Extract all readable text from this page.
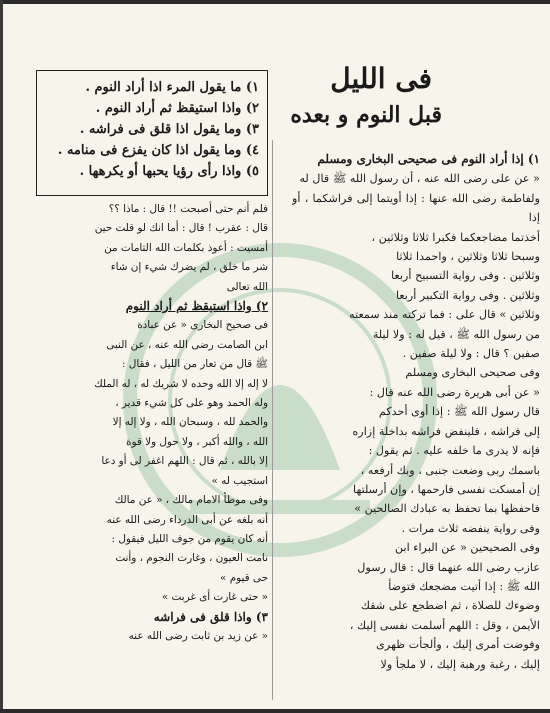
فى الليل
قبل النوم و بعده
۱) ما يقول المرء اذا أراد النوم .
۲) واذا استيقظ ثم أراد النوم .
۳) وما يقول اذا قلق فى فراشه .
٤) وما يقول اذا كان يفزع فى منامه .
٥) واذا رأى رؤيا يحبها أو يكرهها .

۱) إذا أراد النوم فى صحيحى البخارى ومسلم

« عن على رضى الله عنه ، أن رسول الله ﷺ قال له

ولفاطمة رضى الله عنها : إذا أويتما إلى فراشكما ، أو إذا

أخذتما مضاجعكما فكبرا ثلاثا وثلاثين ،

وسبحا ثلاثا وثلاثين ، واحمدا ثلاثا

وثلاثين . وفى رواية التسبيح أربعا

وثلاثين . وفى رواية التكبير أربعا

وثلاثين » قال على : فما تركته منذ سمعته

من رسول الله ﷺ ، قيل له : ولا ليلة

صفين ؟ قال : ولا ليلة صفين .

وفى صحيحى البخارى ومسلم

« عن أبى هريرة رضى الله عنه قال :

قال رسول الله ﷺ : إذا أوى أحدكم

إلى فراشه ، فلينفض فراشه بداخلة إزاره

فإنه لا يدرى ما خلفه عليه . ثم يقول :

باسمك ربى وضعت جنبى ، وبك أرفعه ،

إن أمسكت نفسى فارحمها ، وإن أرسلتها

فاحفظها بما تحفظ به عبادك الصالحين »

وفى رواية ينفضه ثلاث مرات .

وفى الصحيحين « عن البراء ابن

عازب رضى الله عنهما قال : قال رسول

الله ﷺ : إذا أتيت مضجعك فتوضأ

وضوءك للصلاة ، ثم اضطجع على شقك

الأيمن ، وقل : اللهم أسلمت نفسى إليك ،

وفوضت أمرى إليك ، وألجأت ظهرى

إليك ، رغبة ورهبة إليك ، لا ملجأ ولا

فلم أنم حتى أصبحت !! قال : ماذا ؟؟

قال : عقرب ! قال : أما انك لو قلت حين

أمسيت : أعوذ بكلمات الله التامات من

شر ما خلق ، لم يضرك شيء إن شاء

الله تعالى

۲) واذا استيقظ ثم أراد النوم

فى صحيح البخارى « عن عبادة

ابن الصامت رضى الله عنه ، عن النبى

ﷺ قال من تعار من الليل ، فقال :

لا إله إلا الله وحده لا شريك له ، له الملك

وله الحمد وهو على كل شيء قدير ،

والحمد لله ، وسبحان الله ، ولا إله إلا

الله ، والله أكبر ، ولا حول ولا قوة

إلا بالله ، ثم قال : اللهم اغفر لى أو دعا

استجيب له »

وفى موطأ الامام مالك ، « عن مالك

أنه بلغه عن أبى الدرداء رضى الله عنه

أنه كان يقوم من جوف الليل فيقول :

نامت العيون ، وغارت النجوم ، وأنت

حى قيوم »

« حتى غارت أى غربت »

۳) واذا قلق فى فراشه

« عن زيد بن ثابت رضى الله عنه
